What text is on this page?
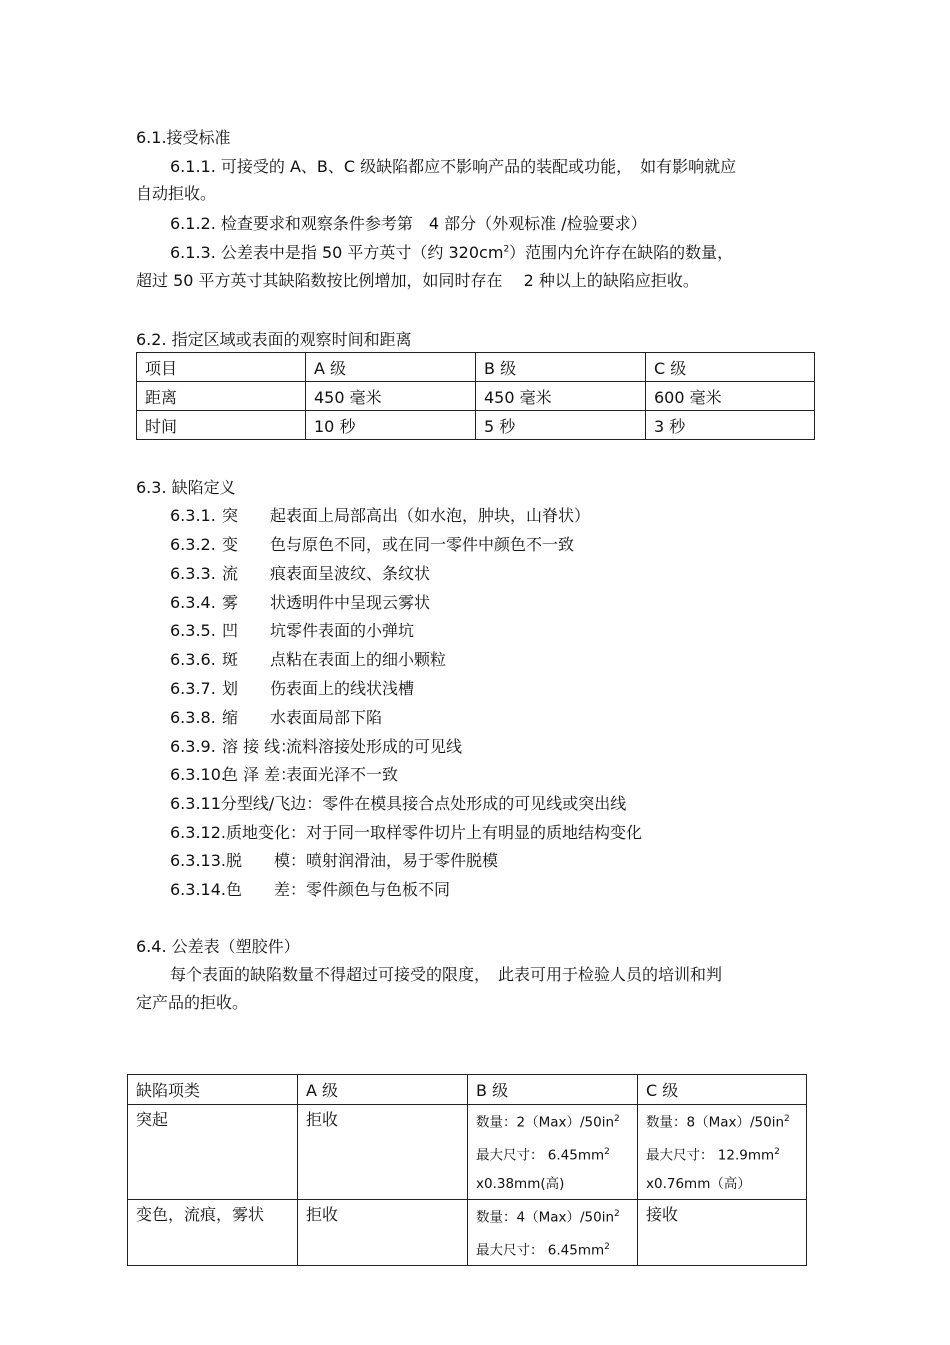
6.1.接受标准
6.1.1. 可接受的 A、B、C 级缺陷都应不影响产品的装配或功能，　如有影响就应
自动拒收。
6.1.2. 检查要求和观察条件参考第　4 部分（外观标准 /检验要求）
6.1.3. 公差表中是指 50 平方英寸（约 $320cm^2$）范围内允许存在缺陷的数量，
超过 50 平方英寸其缺陷数按比例增加，如同时存在　 2 种以上的缺陷应拒收。
6.2. 指定区域或表面的观察时间和距离
项目	A 级	B 级	C 级
距离	450 毫米	450 毫米	600 毫米
时间	10 秒	5 秒	3 秒
6.3. 缺陷定义
6.3.1. 突　　起：表面上局部高出（如水泡，肿块，山脊状）
6.3.2. 变　　色：与原色不同，或在同一零件中颜色不一致
6.3.3. 流　　痕：表面呈波纹、条纹状
6.3.4. 雾　　状：透明件中呈现云雾状
6.3.5. 凹　　坑：零件表面的小弹坑
6.3.6. 斑　　点：粘在表面上的细小颗粒
6.3.7. 划　　伤：表面上的线状浅槽
6.3.8. 缩　　水：表面局部下陷
6.3.9. 溶 接 线：流料溶接处形成的可见线
6.3.10.色 泽 差：表面光泽不一致
6.3.11分型线/飞边：零件在模具接合点处形成的可见线或突出线
6.3.12.质地变化：对于同一取样零件切片上有明显的质地结构变化
6.3.13.脱　　模：喷射润滑油，易于零件脱模
6.3.14.色　　差：零件颜色与色板不同
6.4. 公差表（塑胶件）
每个表面的缺陷数量不得超过可接受的限度，　此表可用于检验人员的培训和判
定产品的拒收。
缺陷项类	A 级	B 级	C 级

突起	拒收	数量：$2(Max)/50in^2$
最大尺寸： $6.45mm^2$
x0.38mm(高)	数量：$8(Max)/50in^2$
最大尺寸： $12.9mm^2$
x0.76mm（高）

变色，流痕，雾状	拒收	数量：$4(Max)/50in^2$
最大尺寸： $6.45mm^2$	接收
